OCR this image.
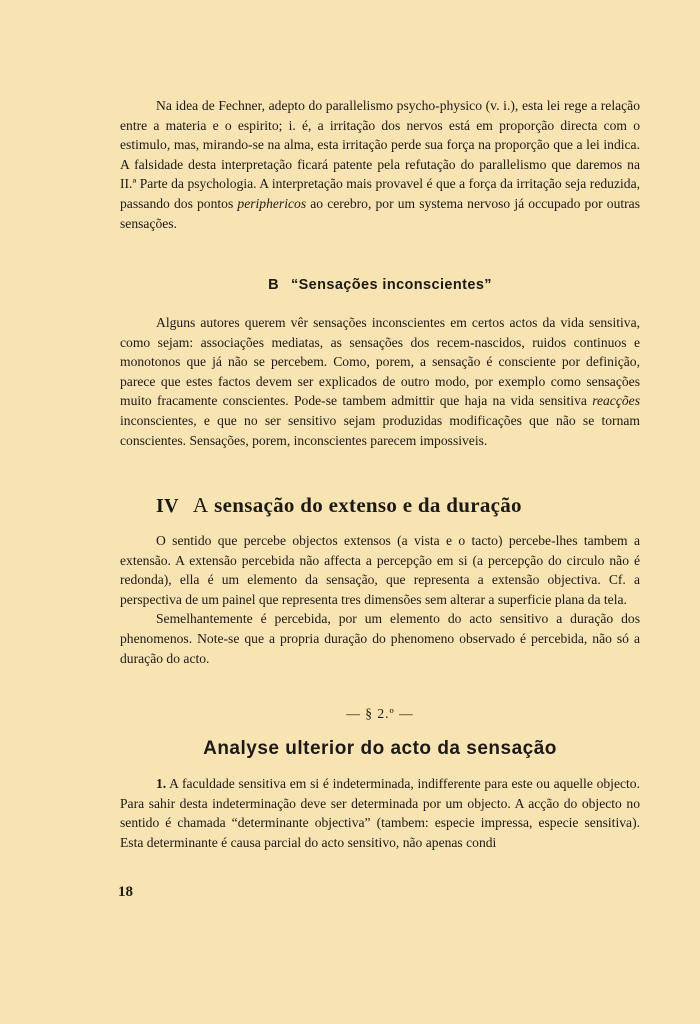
Na idea de Fechner, adepto do parallelismo psycho-physico (v. i.), esta lei rege a relação entre a materia e o espirito; i. é, a irritação dos nervos está em proporção directa com o estimulo, mas, mirando-se na alma, esta irritação perde sua força na proporção que a lei indica. A falsidade desta interpretação ficará patente pela refutação do parallelismo que daremos na II.ª Parte da psychologia. A interpretação mais provavel é que a força da irritação seja reduzida, passando dos pontos periphericos ao cerebro, por um systema nervoso já occupado por outras sensações.

B “Sensações inconscientes”

Alguns autores querem vêr sensações inconscientes em certos actos da vida sensitiva, como sejam: associações mediatas, as sensações dos recem-nascidos, ruidos continuos e monotonos que já não se percebem. Como, porem, a sensação é consciente por definição, parece que estes factos devem ser explicados de outro modo, por exemplo como sensações muito fracamente conscientes. Pode-se tambem admittir que haja na vida sensitiva reacções inconscientes, e que no ser sensitivo sejam produzidas modificações que não se tornam conscientes. Sensações, porem, inconscientes parecem impossiveis.

IV A sensação do extenso e da duração

O sentido que percebe objectos extensos (a vista e o tacto) percebe-lhes tambem a extensão. A extensão percebida não affecta a percepção em si (a percepção do circulo não é redonda), ella é um elemento da sensação, que representa a extensão objectiva. Cf. a perspectiva de um painel que representa tres dimensões sem alterar a superficie plana da tela.

Semelhantemente é percebida, por um elemento do acto sensitivo a duração dos phenomenos. Note-se que a propria duração do phenomeno observado é percebida, não só a duração do acto.

— § 2.º —
Analyse ulterior do acto da sensação

1. A faculdade sensitiva em si é indeterminada, indifferente para este ou aquelle objecto. Para sahir desta indeterminação deve ser determinada por um objecto. A acção do objecto no sentido é chamada “determinante objectiva” (tambem: especie impressa, especie sensitiva). Esta determinante é causa parcial do acto sensitivo, não apenas condi

18
